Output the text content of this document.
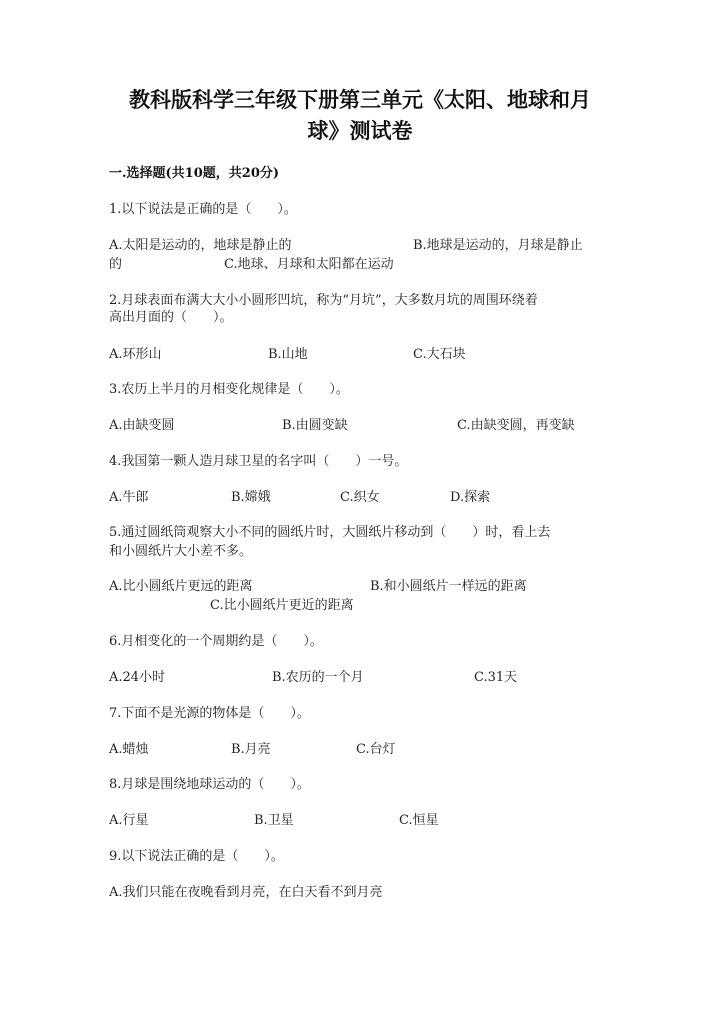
教科版科学三年级下册第三单元《太阳、地球和月
球》测试卷
一.选择题(共10题，共20分)
1.以下说法是正确的是（　　）。
A.太阳是运动的，地球是静止的	B.地球是运动的，月球是静止
的	C.地球、月球和太阳都在运动
2.月球表面布满大大小小圆形凹坑，称为“月坑”，大多数月坑的周围环绕着
高出月面的（　　）。
A.环形山	B.山地	C.大石块
3.农历上半月的月相变化规律是（　　）。
A.由缺变圆	B.由圆变缺	C.由缺变圆，再变缺
4.我国第一颗人造月球卫星的名字叫（　　）一号。
A.牛郎	B.嫦娥	C.织女	D.探索
5.通过圆纸筒观察大小不同的圆纸片时，大圆纸片移动到（　　）时，看上去
和小圆纸片大小差不多。
A.比小圆纸片更远的距离	B.和小圆纸片一样远的距离
C.比小圆纸片更近的距离
6.月相变化的一个周期约是（　　）。
A.24小时	B.农历的一个月	C.31天
7.下面不是光源的物体是（　　）。
A.蜡烛	B.月亮	C.台灯
8.月球是围绕地球运动的（　　）。
A.行星	B.卫星	C.恒星
9.以下说法正确的是（　　）。
A.我们只能在夜晚看到月亮，在白天看不到月亮
